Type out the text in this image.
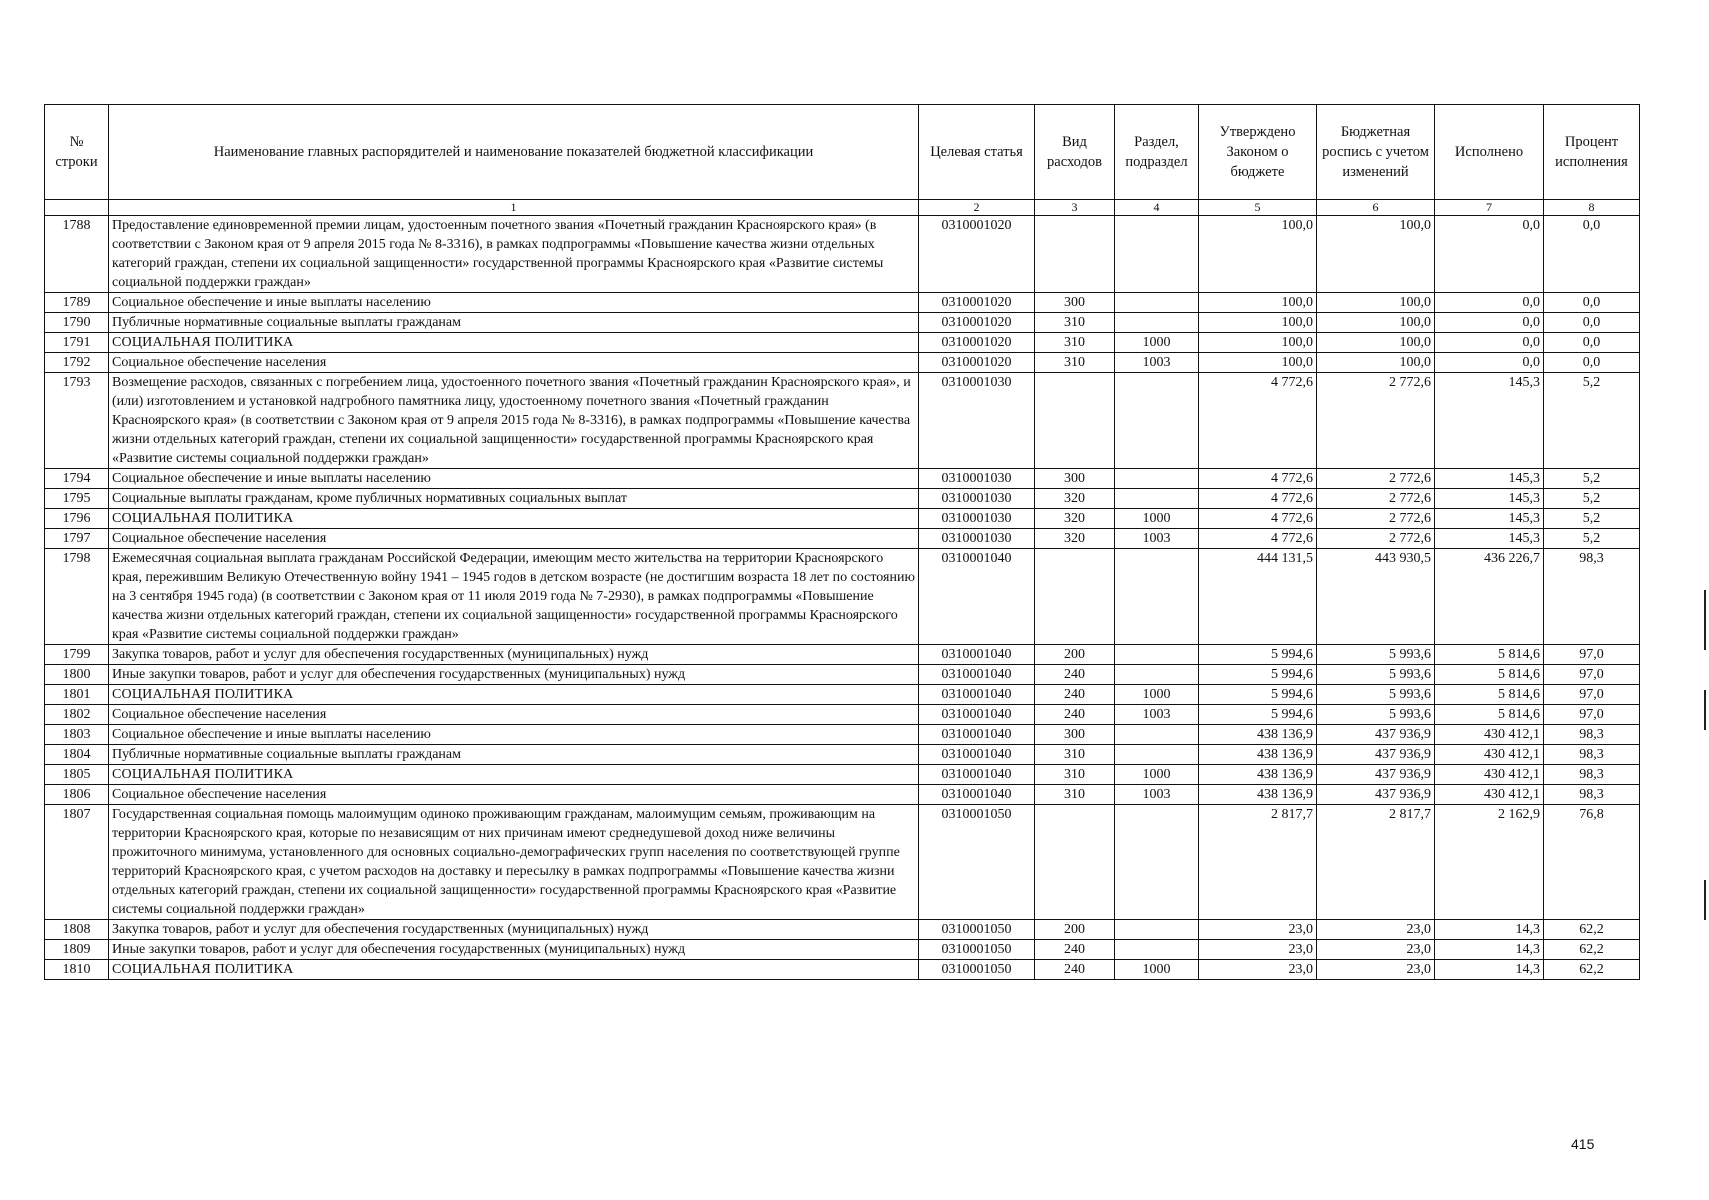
№ строки	Наименование главных распорядителей и наименование показателей бюджетной классификации	Целевая статья	Вид расходов	Раздел, подраздел	Утверждено Законом о бюджете	Бюджетная роспись с учетом изменений	Исполнено	Процент исполнения
	1	2	3	4	5	6	7	8
1788	Предоставление единовременной премии лицам, удостоенным почетного звания «Почетный гражданин Красноярского края» (в соответствии с Законом края от 9 апреля 2015 года № 8-3316), в рамках подпрограммы «Повышение качества жизни отдельных категорий граждан, степени их социальной защищенности» государственной программы Красноярского края «Развитие системы социальной поддержки граждан»	0310001020			100,0	100,0	0,0	0,0
1789	Социальное обеспечение и иные выплаты населению	0310001020	300		100,0	100,0	0,0	0,0
1790	Публичные нормативные социальные выплаты гражданам	0310001020	310		100,0	100,0	0,0	0,0
1791	СОЦИАЛЬНАЯ ПОЛИТИКА	0310001020	310	1000	100,0	100,0	0,0	0,0
1792	Социальное обеспечение населения	0310001020	310	1003	100,0	100,0	0,0	0,0
1793	Возмещение расходов, связанных с погребением лица, удостоенного почетного звания «Почетный гражданин Красноярского края», и (или) изготовлением и установкой надгробного памятника лицу, удостоенному почетного звания «Почетный гражданин Красноярского края» (в соответствии с Законом края от 9 апреля 2015 года № 8-3316), в рамках подпрограммы «Повышение качества жизни отдельных категорий граждан, степени их социальной защищенности» государственной программы Красноярского края «Развитие системы социальной поддержки граждан»	0310001030			4 772,6	2 772,6	145,3	5,2
1794	Социальное обеспечение и иные выплаты населению	0310001030	300		4 772,6	2 772,6	145,3	5,2
1795	Социальные выплаты гражданам, кроме публичных нормативных социальных выплат	0310001030	320		4 772,6	2 772,6	145,3	5,2
1796	СОЦИАЛЬНАЯ ПОЛИТИКА	0310001030	320	1000	4 772,6	2 772,6	145,3	5,2
1797	Социальное обеспечение населения	0310001030	320	1003	4 772,6	2 772,6	145,3	5,2
1798	Ежемесячная социальная выплата гражданам Российской Федерации, имеющим место жительства на территории Красноярского края, пережившим Великую Отечественную войну 1941 – 1945 годов в детском возрасте (не достигшим возраста 18 лет по состоянию на 3 сентября 1945 года) (в соответствии с Законом края от 11 июля 2019 года № 7-2930), в рамках подпрограммы «Повышение качества жизни отдельных категорий граждан, степени их социальной защищенности» государственной программы Красноярского края «Развитие системы социальной поддержки граждан»	0310001040			444 131,5	443 930,5	436 226,7	98,3
1799	Закупка товаров, работ и услуг для обеспечения государственных (муниципальных) нужд	0310001040	200		5 994,6	5 993,6	5 814,6	97,0
1800	Иные закупки товаров, работ и услуг для обеспечения государственных (муниципальных) нужд	0310001040	240		5 994,6	5 993,6	5 814,6	97,0
1801	СОЦИАЛЬНАЯ ПОЛИТИКА	0310001040	240	1000	5 994,6	5 993,6	5 814,6	97,0
1802	Социальное обеспечение населения	0310001040	240	1003	5 994,6	5 993,6	5 814,6	97,0
1803	Социальное обеспечение и иные выплаты населению	0310001040	300		438 136,9	437 936,9	430 412,1	98,3
1804	Публичные нормативные социальные выплаты гражданам	0310001040	310		438 136,9	437 936,9	430 412,1	98,3
1805	СОЦИАЛЬНАЯ ПОЛИТИКА	0310001040	310	1000	438 136,9	437 936,9	430 412,1	98,3
1806	Социальное обеспечение населения	0310001040	310	1003	438 136,9	437 936,9	430 412,1	98,3
1807	Государственная социальная помощь малоимущим одиноко проживающим гражданам, малоимущим семьям, проживающим на территории Красноярского края, которые по независящим от них причинам имеют среднедушевой доход ниже величины прожиточного минимума, установленного для основных социально-демографических групп населения по соответствующей группе территорий Красноярского края, с учетом расходов на доставку и пересылку в рамках подпрограммы «Повышение качества жизни отдельных категорий граждан, степени их социальной защищенности» государственной программы Красноярского края «Развитие системы социальной поддержки граждан»	0310001050			2 817,7	2 817,7	2 162,9	76,8
1808	Закупка товаров, работ и услуг для обеспечения государственных (муниципальных) нужд	0310001050	200		23,0	23,0	14,3	62,2
1809	Иные закупки товаров, работ и услуг для обеспечения государственных (муниципальных) нужд	0310001050	240		23,0	23,0	14,3	62,2
1810	СОЦИАЛЬНАЯ ПОЛИТИКА	0310001050	240	1000	23,0	23,0	14,3	62,2
415
